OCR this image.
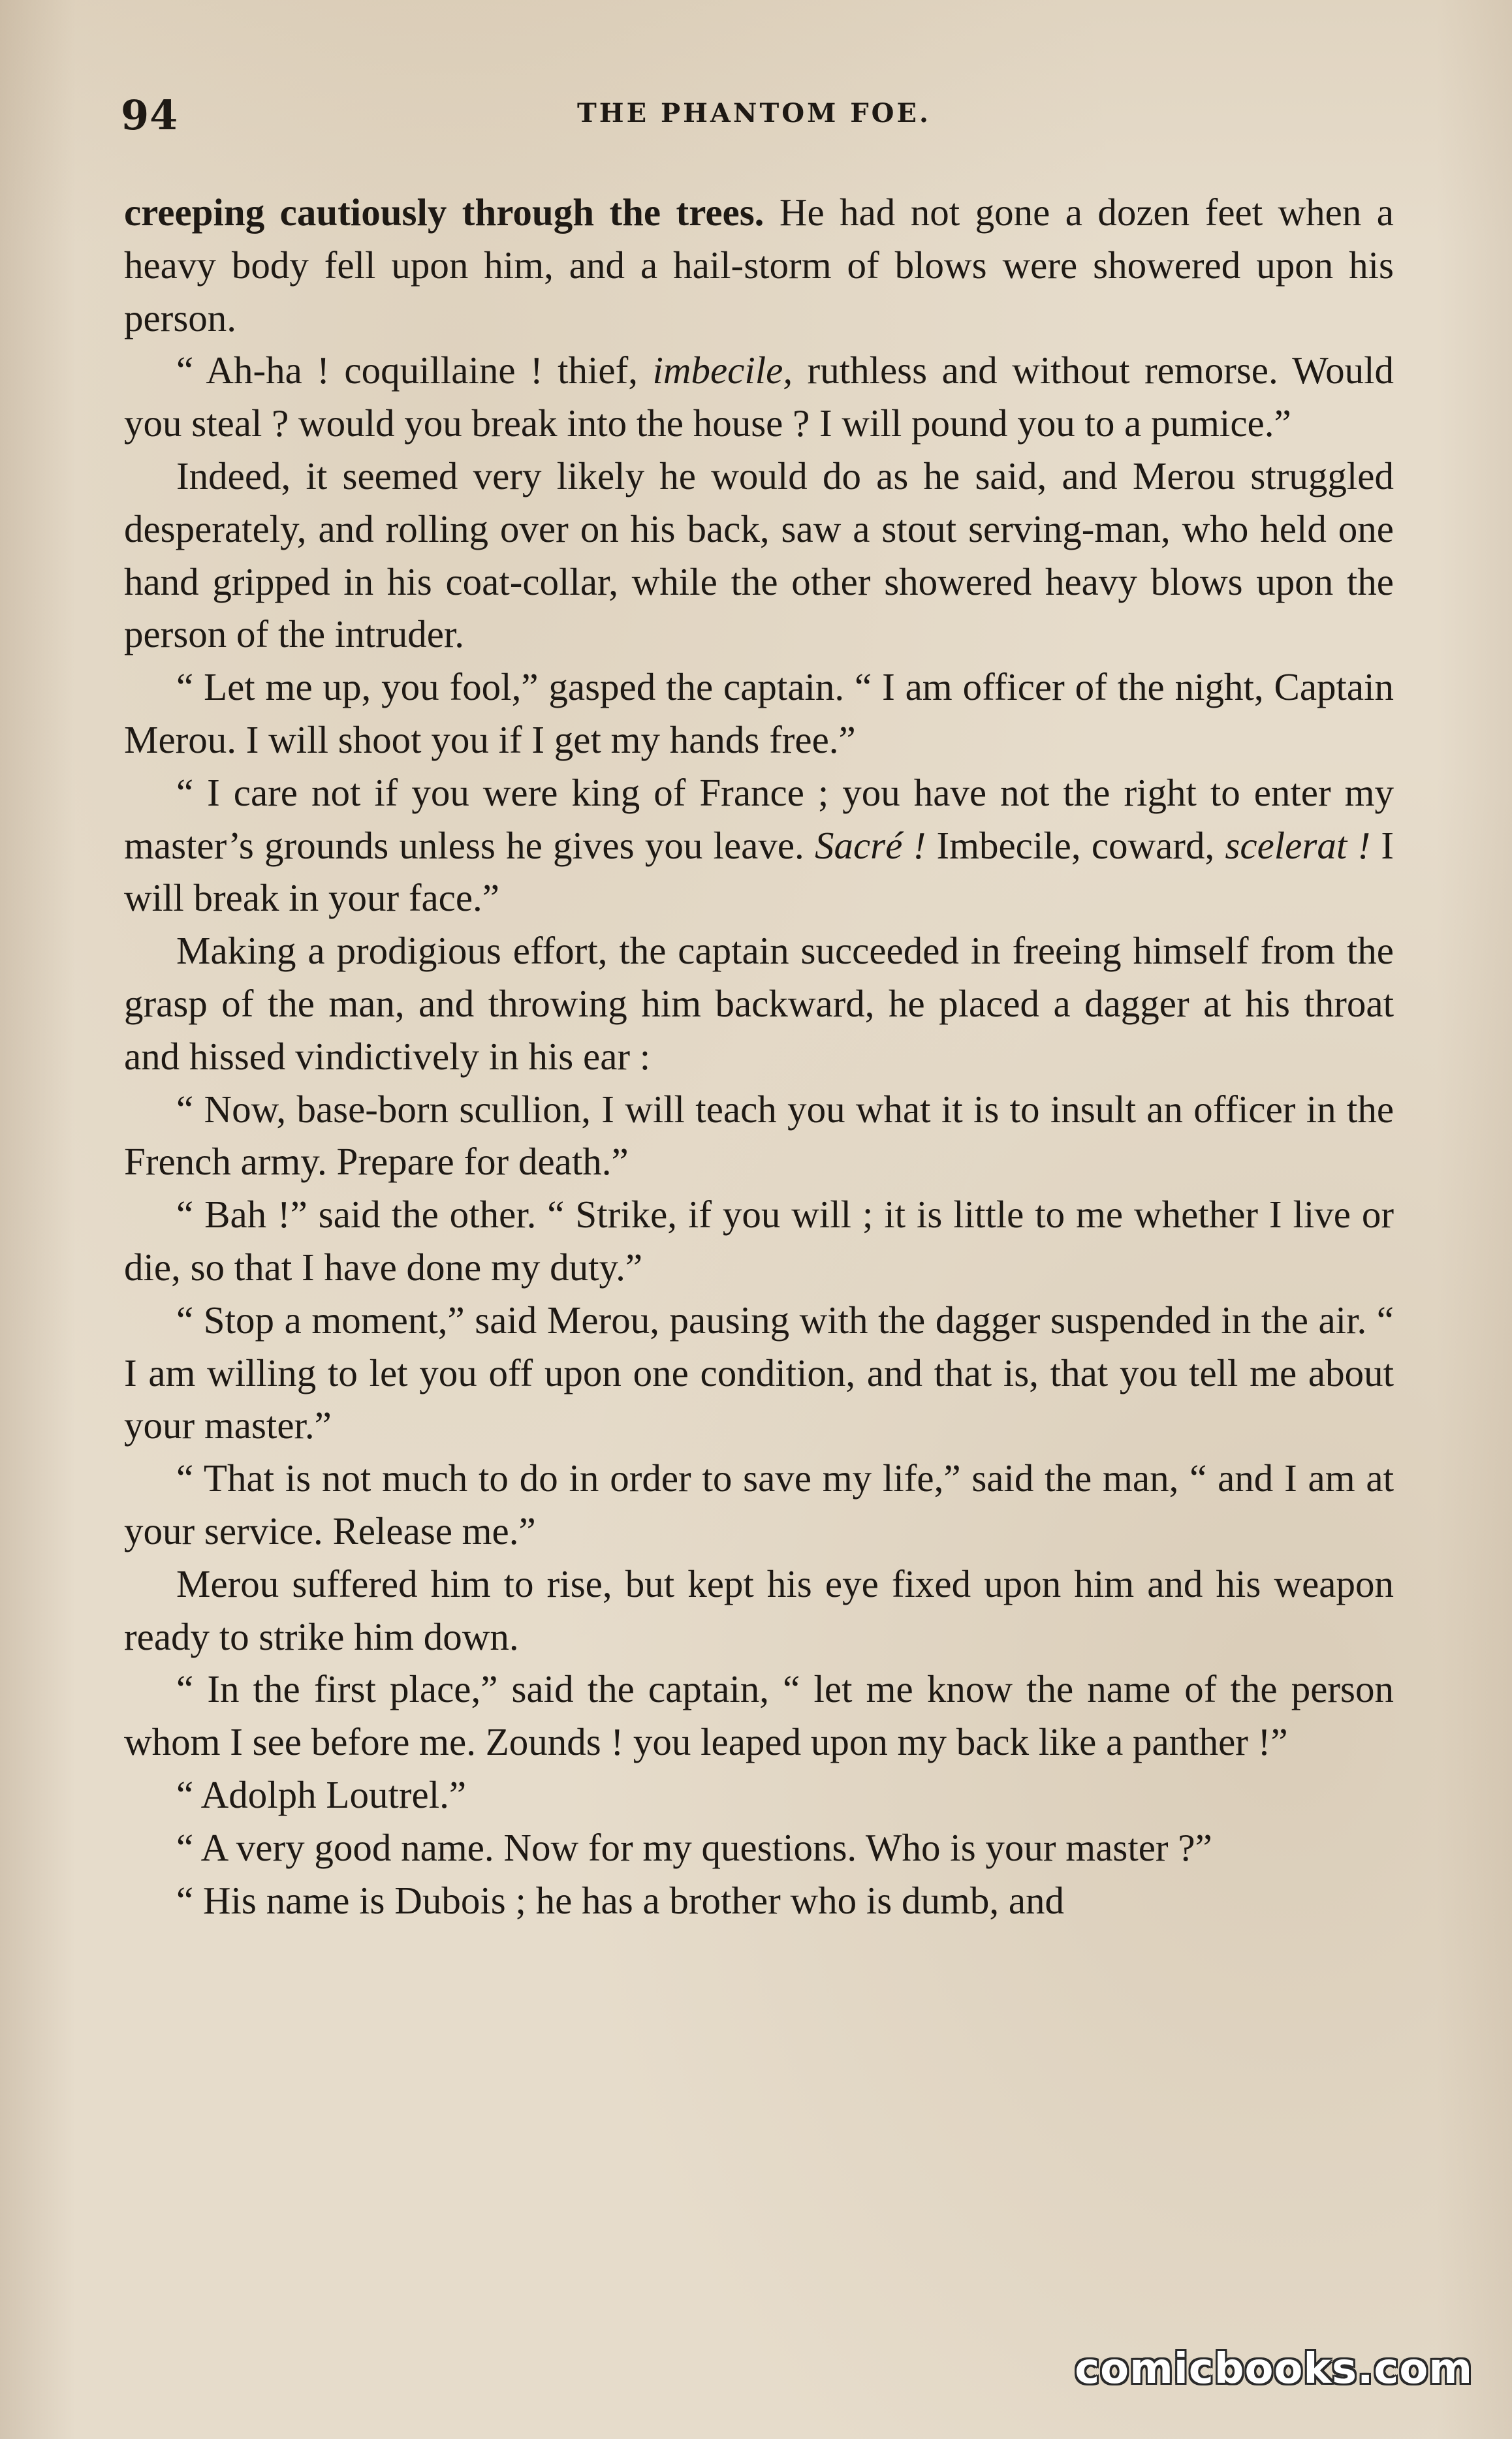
94	THE PHANTOM FOE.

creeping cautiously through the trees. He had not gone a dozen feet when a heavy body fell upon him, and a hail-storm of blows were showered upon his person.

“ Ah-ha ! coquillaine ! thief, imbecile, ruthless and without remorse. Would you steal ? would you break into the house ? I will pound you to a pumice.”

Indeed, it seemed very likely he would do as he said, and Merou struggled desperately, and rolling over on his back, saw a stout serving-man, who held one hand gripped in his coat-collar, while the other showered heavy blows upon the person of the intruder.

“ Let me up, you fool,” gasped the captain. “ I am officer of the night, Captain Merou. I will shoot you if I get my hands free.”

“ I care not if you were king of France ; you have not the right to enter my master’s grounds unless he gives you leave. Sacré ! Imbecile, coward, scelerat ! I will break in your face.”

Making a prodigious effort, the captain succeeded in freeing himself from the grasp of the man, and throwing him backward, he placed a dagger at his throat and hissed vindictively in his ear :

“ Now, base-born scullion, I will teach you what it is to insult an officer in the French army. Prepare for death.”

“ Bah !” said the other. “ Strike, if you will ; it is little to me whether I live or die, so that I have done my duty.”

“ Stop a moment,” said Merou, pausing with the dagger suspended in the air. “ I am willing to let you off upon one condition, and that is, that you tell me about your master.”

“ That is not much to do in order to save my life,” said the man, “ and I am at your service. Release me.”

Merou suffered him to rise, but kept his eye fixed upon him and his weapon ready to strike him down.

“ In the first place,” said the captain, “ let me know the name of the person whom I see before me. Zounds ! you leaped upon my back like a panther !”

“ Adolph Loutrel.”

“ A very good name. Now for my questions. Who is your master ?”

“ His name is Dubois ; he has a brother who is dumb, and

comicbooks.com
